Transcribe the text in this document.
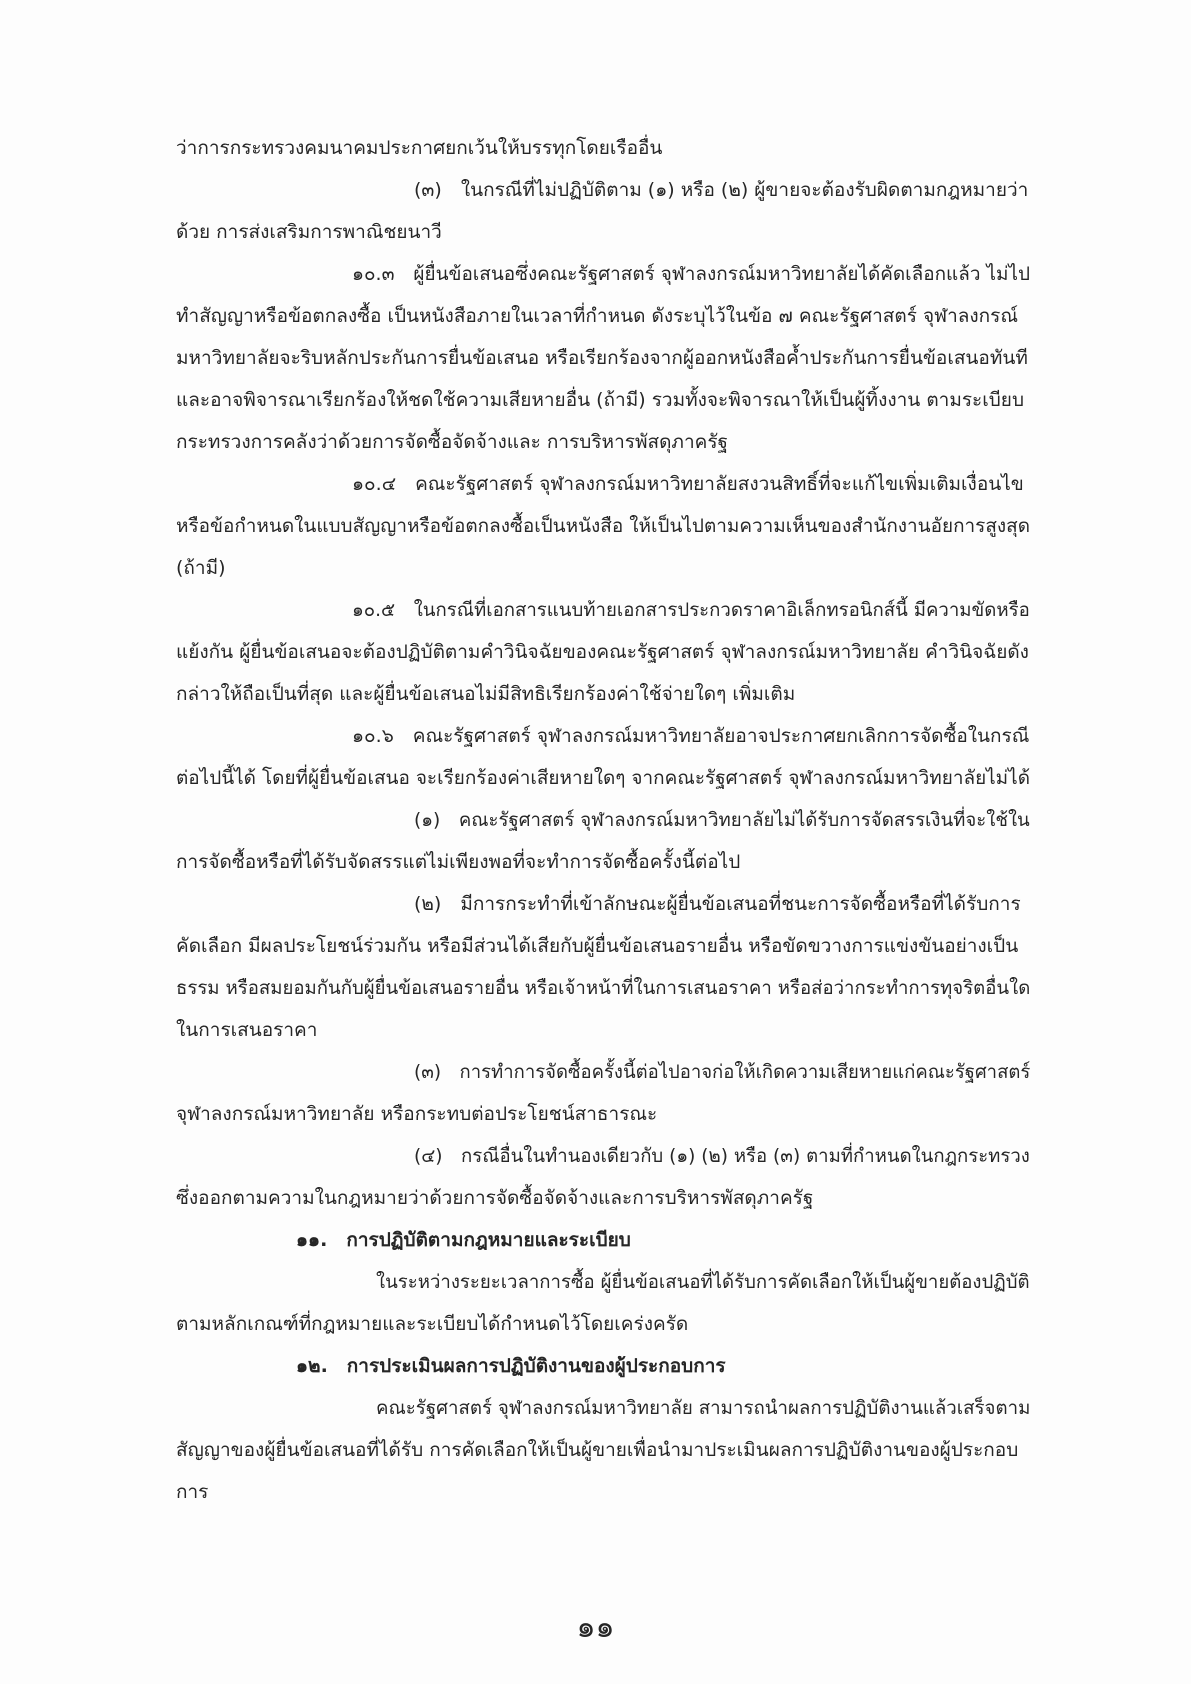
ว่าการกระทรวงคมนาคมประกาศยกเว้นให้บรรทุกโดยเรืออื่น
(๓) ในกรณีที่ไม่ปฏิบัติตาม (๑) หรือ (๒) ผู้ขายจะต้องรับผิดตามกฎหมายว่า
ด้วย การส่งเสริมการพาณิชยนาวี
๑๐.๓ ผู้ยื่นข้อเสนอซึ่งคณะรัฐศาสตร์ จุฬาลงกรณ์มหาวิทยาลัยได้คัดเลือกแล้ว ไม่ไป
ทำสัญญาหรือข้อตกลงซื้อ เป็นหนังสือภายในเวลาที่กำหนด ดังระบุไว้ในข้อ ๗ คณะรัฐศาสตร์ จุฬาลงกรณ์
มหาวิทยาลัยจะริบหลักประกันการยื่นข้อเสนอ หรือเรียกร้องจากผู้ออกหนังสือค้ำประกันการยื่นข้อเสนอทันที
และอาจพิจารณาเรียกร้องให้ชดใช้ความเสียหายอื่น (ถ้ามี) รวมทั้งจะพิจารณาให้เป็นผู้ทิ้งงาน ตามระเบียบ
กระทรวงการคลังว่าด้วยการจัดซื้อจัดจ้างและ การบริหารพัสดุภาครัฐ
๑๐.๔ คณะรัฐศาสตร์ จุฬาลงกรณ์มหาวิทยาลัยสงวนสิทธิ์ที่จะแก้ไขเพิ่มเติมเงื่อนไข
หรือข้อกำหนดในแบบสัญญาหรือข้อตกลงซื้อเป็นหนังสือ ให้เป็นไปตามความเห็นของสำนักงานอัยการสูงสุด
(ถ้ามี)
๑๐.๕ ในกรณีที่เอกสารแนบท้ายเอกสารประกวดราคาอิเล็กทรอนิกส์นี้ มีความขัดหรือ
แย้งกัน ผู้ยื่นข้อเสนอจะต้องปฏิบัติตามคำวินิจฉัยของคณะรัฐศาสตร์ จุฬาลงกรณ์มหาวิทยาลัย คำวินิจฉัยดัง
กล่าวให้ถือเป็นที่สุด และผู้ยื่นข้อเสนอไม่มีสิทธิเรียกร้องค่าใช้จ่ายใดๆ เพิ่มเติม
๑๐.๖ คณะรัฐศาสตร์ จุฬาลงกรณ์มหาวิทยาลัยอาจประกาศยกเลิกการจัดซื้อในกรณี
ต่อไปนี้ได้ โดยที่ผู้ยื่นข้อเสนอ จะเรียกร้องค่าเสียหายใดๆ จากคณะรัฐศาสตร์ จุฬาลงกรณ์มหาวิทยาลัยไม่ได้
(๑) คณะรัฐศาสตร์ จุฬาลงกรณ์มหาวิทยาลัยไม่ได้รับการจัดสรรเงินที่จะใช้ใน
การจัดซื้อหรือที่ได้รับจัดสรรแต่ไม่เพียงพอที่จะทำการจัดซื้อครั้งนี้ต่อไป
(๒) มีการกระทำที่เข้าลักษณะผู้ยื่นข้อเสนอที่ชนะการจัดซื้อหรือที่ได้รับการ
คัดเลือก มีผลประโยชน์ร่วมกัน หรือมีส่วนได้เสียกับผู้ยื่นข้อเสนอรายอื่น หรือขัดขวางการแข่งขันอย่างเป็น
ธรรม หรือสมยอมกันกับผู้ยื่นข้อเสนอรายอื่น หรือเจ้าหน้าที่ในการเสนอราคา หรือส่อว่ากระทำการทุจริตอื่นใด
ในการเสนอราคา
(๓) การทำการจัดซื้อครั้งนี้ต่อไปอาจก่อให้เกิดความเสียหายแก่คณะรัฐศาสตร์
จุฬาลงกรณ์มหาวิทยาลัย หรือกระทบต่อประโยชน์สาธารณะ
(๔) กรณีอื่นในทำนองเดียวกับ (๑) (๒) หรือ (๓) ตามที่กำหนดในกฎกระทรวง
ซึ่งออกตามความในกฎหมายว่าด้วยการจัดซื้อจัดจ้างและการบริหารพัสดุภาครัฐ
๑๑. การปฏิบัติตามกฎหมายและระเบียบ
ในระหว่างระยะเวลาการซื้อ ผู้ยื่นข้อเสนอที่ได้รับการคัดเลือกให้เป็นผู้ขายต้องปฏิบัติ
ตามหลักเกณฑ์ที่กฎหมายและระเบียบได้กำหนดไว้โดยเคร่งครัด
๑๒. การประเมินผลการปฏิบัติงานของผู้ประกอบการ
คณะรัฐศาสตร์ จุฬาลงกรณ์มหาวิทยาลัย สามารถนำผลการปฏิบัติงานแล้วเสร็จตาม
สัญญาของผู้ยื่นข้อเสนอที่ได้รับ การคัดเลือกให้เป็นผู้ขายเพื่อนำมาประเมินผลการปฏิบัติงานของผู้ประกอบ
การ
๑๑
